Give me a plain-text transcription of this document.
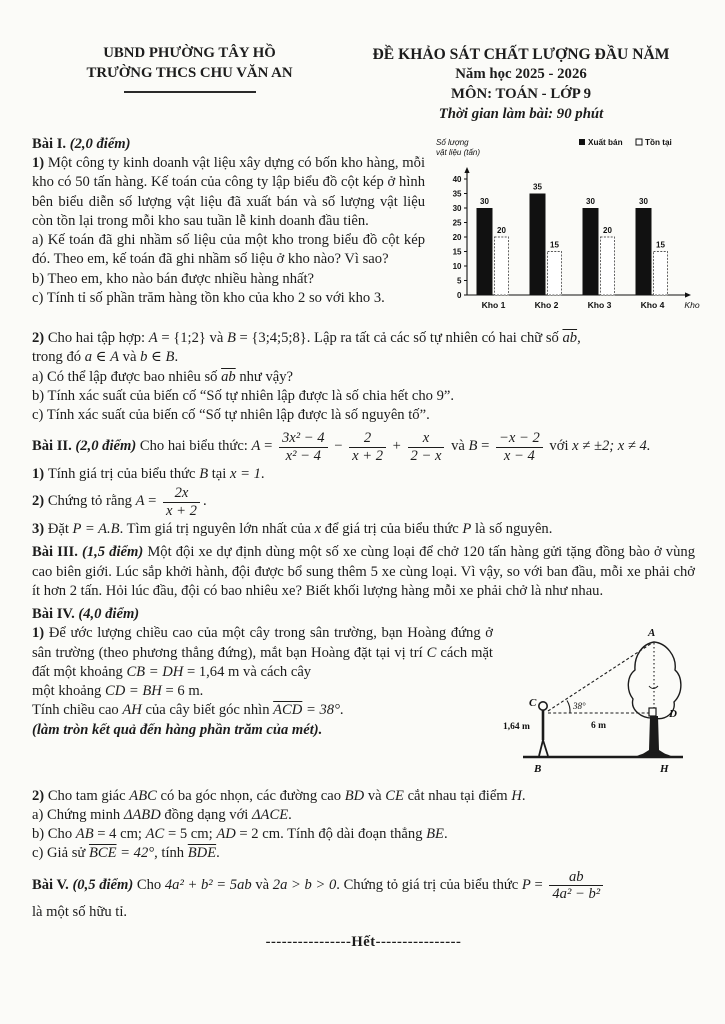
UBND PHƯỜNG TÂY HỒ
TRƯỜNG THCS CHU VĂN AN
ĐỀ KHẢO SÁT CHẤT LƯỢNG ĐẦU NĂM
Năm học 2025 - 2026
MÔN: TOÁN - LỚP 9
Thời gian làm bài: 90 phút
0
5
10
15
20
25
30
35
40
30
20
Kho 1
35
15
Kho 2
30
20
Kho 3
30
15
Kho 4 Kho
Số lượng
vật liệu (tấn)
Xuất bán	Tồn tại

Bài I. (2,0 điểm)

1) Một công ty kinh doanh vật liệu xây dựng có bốn kho hàng, mỗi kho có 50 tấn hàng. Kế toán của công ty lập biểu đồ cột kép ở hình bên biểu diễn số lượng vật liệu đã xuất bán và số lượng vật liệu còn tồn lại trong mỗi kho sau tuần lễ kinh doanh đầu tiên.

a) Kế toán đã ghi nhầm số liệu của một kho trong biểu đồ cột kép đó. Theo em, kế toán đã ghi nhầm số liệu ở kho nào? Vì sao?

b) Theo em, kho nào bán được nhiều hàng nhất?

c) Tính tỉ số phần trăm hàng tồn kho của kho 2 so với kho 3.

2) Cho hai tập hợp: A = {1;2} và B = {3;4;5;8}. Lập ra tất cả các số tự nhiên có hai chữ số $\overline{ab}$,

trong đó a ∈ A và b ∈ B.

a) Có thể lập được bao nhiêu số $\overline{ab}$ như vậy?

b) Tính xác suất của biến cố “Số tự nhiên lập được là số chia hết cho 9”.

c) Tính xác suất của biến cố “Số tự nhiên lập được là số nguyên tố”.

Bài II. (2,0 điểm) Cho hai biểu thức: $A = \frac{\text{3x² − 4}}{\text{x² − 4}} - \frac{2}{x + 2} + \frac{x}{2 - x}$ và $B = \frac{-x - 2}{x - 4}$ với x ≠ ±2; x ≠ 4.

1) Tính giá trị của biểu thức B tại x = 1.

2) Chứng tỏ rằng $A = \frac{2x}{x + 2}$ .

3) Đặt P = A.B. Tìm giá trị nguyên lớn nhất của x để giá trị của biểu thức P là số nguyên.

Bài III. (1,5 điểm) Một đội xe dự định dùng một số xe cùng loại để chở 120 tấn hàng gửi tặng đồng bào ở vùng cao biên giới. Lúc sắp khởi hành, đội được bổ sung thêm 5 xe cùng loại. Vì vậy, so với ban đầu, mỗi xe phải chở ít hơn 2 tấn. Hỏi lúc đầu, đội có bao nhiêu xe? Biết khối lượng hàng mỗi xe phải chở là như nhau.

Bài IV. (4,0 điểm)

A
C
D
B	H
38°
1,64 m	6 m

1) Để ước lượng chiều cao của một cây trong sân trường, bạn Hoàng đứng ở sân trường (theo phương thẳng đứng), mắt bạn Hoàng đặt tại vị trí C cách mặt đất một khoảng CB = DH = 1,64 m và cách cây

một khoảng CD = BH = 6 m.

Tính chiều cao AH của cây biết góc nhìn $\overline{ACD} = 38^\circ$.

(làm tròn kết quả đến hàng phần trăm của mét).

2) Cho tam giác ABC có ba góc nhọn, các đường cao BD và CE cắt nhau tại điểm H.

a) Chứng minh ΔABD đồng dạng với ΔACE.

b) Cho AB = 4 cm; AC = 5 cm; AD = 2 cm. Tính độ dài đoạn thẳng BE.

c) Giả sử $\overline{BCE} = 42^\circ$, tính $\overline{BDE}$.

Bài V. (0,5 điểm) Cho 4a² + b² = 5ab và 2a > b > 0. Chứng tỏ giá trị của biểu thức $P = \frac{ab}{\text{4a² − b²}}$

là một số hữu tỉ.

----------------Hết----------------
